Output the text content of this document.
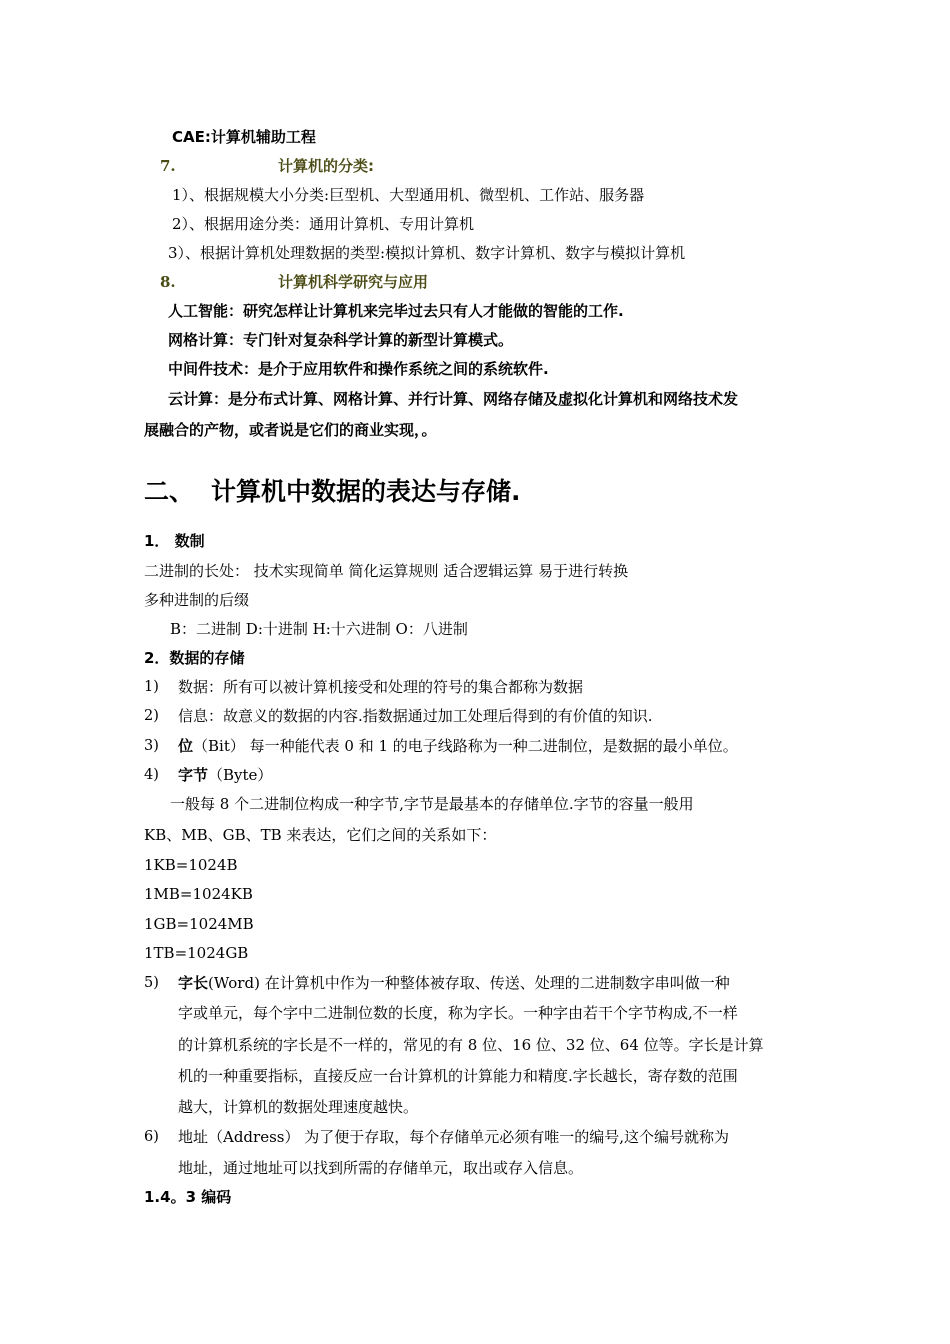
CAE:计算机辅助工程
7.	计算机的分类:
1）、根据规模大小分类:巨型机、大型通用机、微型机、工作站、服务器
2）、根据用途分类：通用计算机、专用计算机
3）、根据计算机处理数据的类型:模拟计算机、数字计算机、数字与模拟计算机
8.	计算机科学研究与应用
人工智能：研究怎样让计算机来完毕过去只有人才能做的智能的工作.
网格计算：专门针对复杂科学计算的新型计算模式。
中间件技术：是介于应用软件和操作系统之间的系统软件.
云计算：是分布式计算、网格计算、并行计算、网络存储及虚拟化计算机和网络技术发
展融合的产物，或者说是它们的商业实现，。
二、 计算机中数据的表达与存储.
1． 数制
二进制的长处： 技术实现简单 简化运算规则 适合逻辑运算 易于进行转换
多种进制的后缀
B：二进制 D:十进制 H:十六进制 O：八进制
2．数据的存储
1) 数据：所有可以被计算机接受和处理的符号的集合都称为数据
2) 信息：故意义的数据的内容.指数据通过加工处理后得到的有价值的知识.
3) 位（Bit） 每一种能代表 0 和 1 的电子线路称为一种二进制位，是数据的最小单位。
4) 字节（Byte）
一般每 8 个二进制位构成一种字节,字节是最基本的存储单位.字节的容量一般用
KB、MB、GB、TB 来表达，它们之间的关系如下：
1KB=1024B
1MB=1024KB
1GB=1024MB
1TB=1024GB
5) 字长(Word) 在计算机中作为一种整体被存取、传送、处理的二进制数字串叫做一种
字或单元，每个字中二进制位数的长度，称为字长。一种字由若干个字节构成,不一样
的计算机系统的字长是不一样的，常见的有 8 位、16 位、32 位、64 位等。字长是计算
机的一种重要指标，直接反应一台计算机的计算能力和精度.字长越长，寄存数的范围
越大，计算机的数据处理速度越快。
6) 地址（Address） 为了便于存取，每个存储单元必须有唯一的编号,这个编号就称为
地址，通过地址可以找到所需的存储单元，取出或存入信息。
1.4。3 编码
